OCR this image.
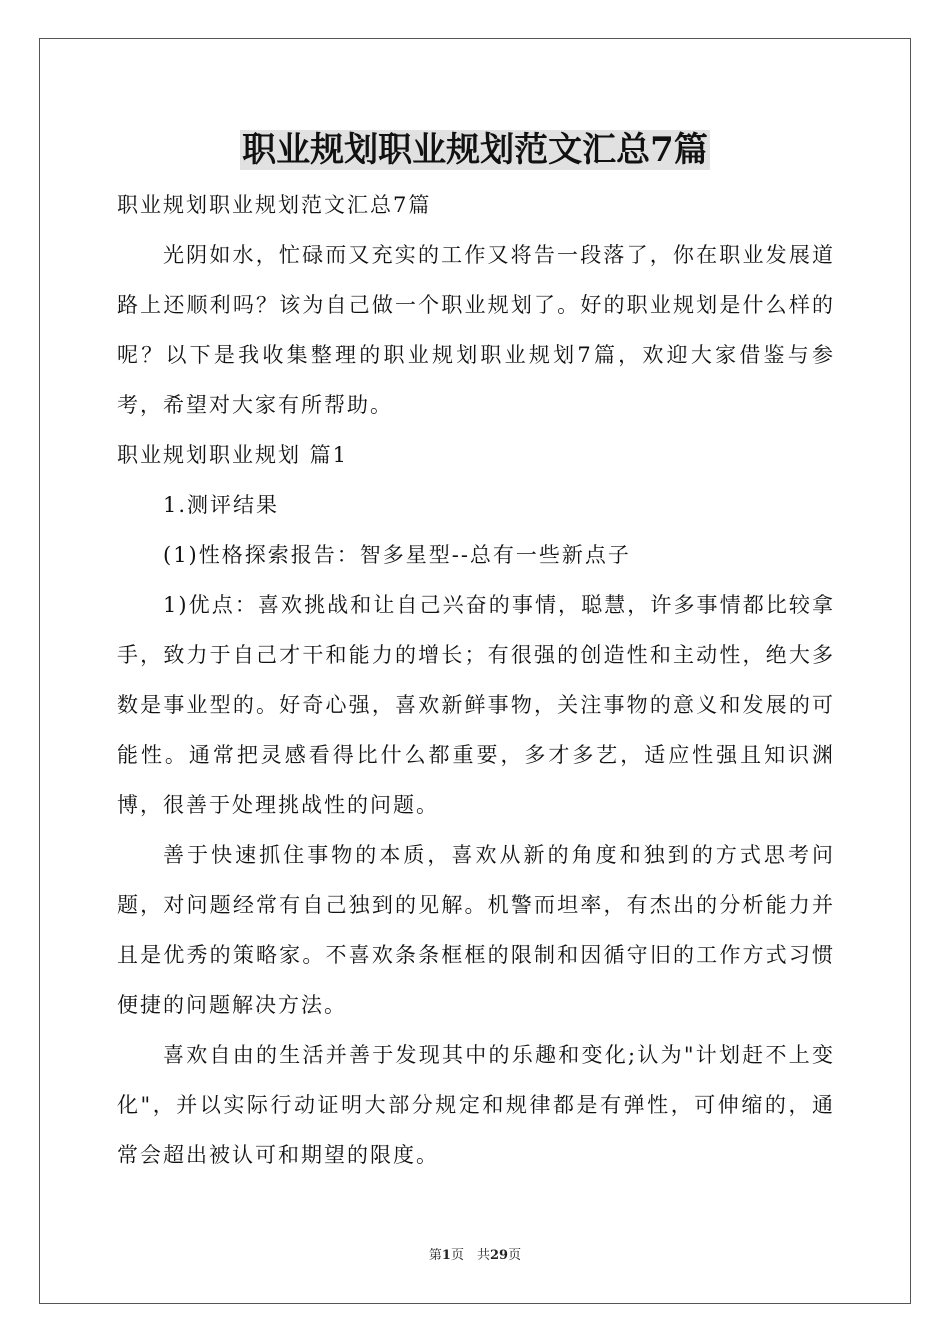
职业规划职业规划范文汇总7篇

职业规划职业规划范文汇总7篇

光阴如水，忙碌而又充实的工作又将告一段落了，你在职业发展道路上还顺利吗？该为自己做一个职业规划了。好的职业规划是什么样的呢？以下是我收集整理的职业规划职业规划7篇，欢迎大家借鉴与参考，希望对大家有所帮助。

职业规划职业规划 篇1

1.测评结果

(1)性格探索报告：智多星型--总有一些新点子

1)优点：喜欢挑战和让自己兴奋的事情，聪慧，许多事情都比较拿手，致力于自己才干和能力的增长；有很强的创造性和主动性，绝大多数是事业型的。好奇心强，喜欢新鲜事物，关注事物的意义和发展的可能性。通常把灵感看得比什么都重要，多才多艺，适应性强且知识渊博，很善于处理挑战性的问题。

善于快速抓住事物的本质，喜欢从新的角度和独到的方式思考问题，对问题经常有自己独到的见解。机警而坦率，有杰出的分析能力并且是优秀的策略家。不喜欢条条框框的限制和因循守旧的工作方式习惯便捷的问题解决方法。

喜欢自由的生活并善于发现其中的乐趣和变化;认为"计划赶不上变化"，并以实际行动证明大部分规定和规律都是有弹性，可伸缩的，通常会超出被认可和期望的限度。

第1页　共29页
